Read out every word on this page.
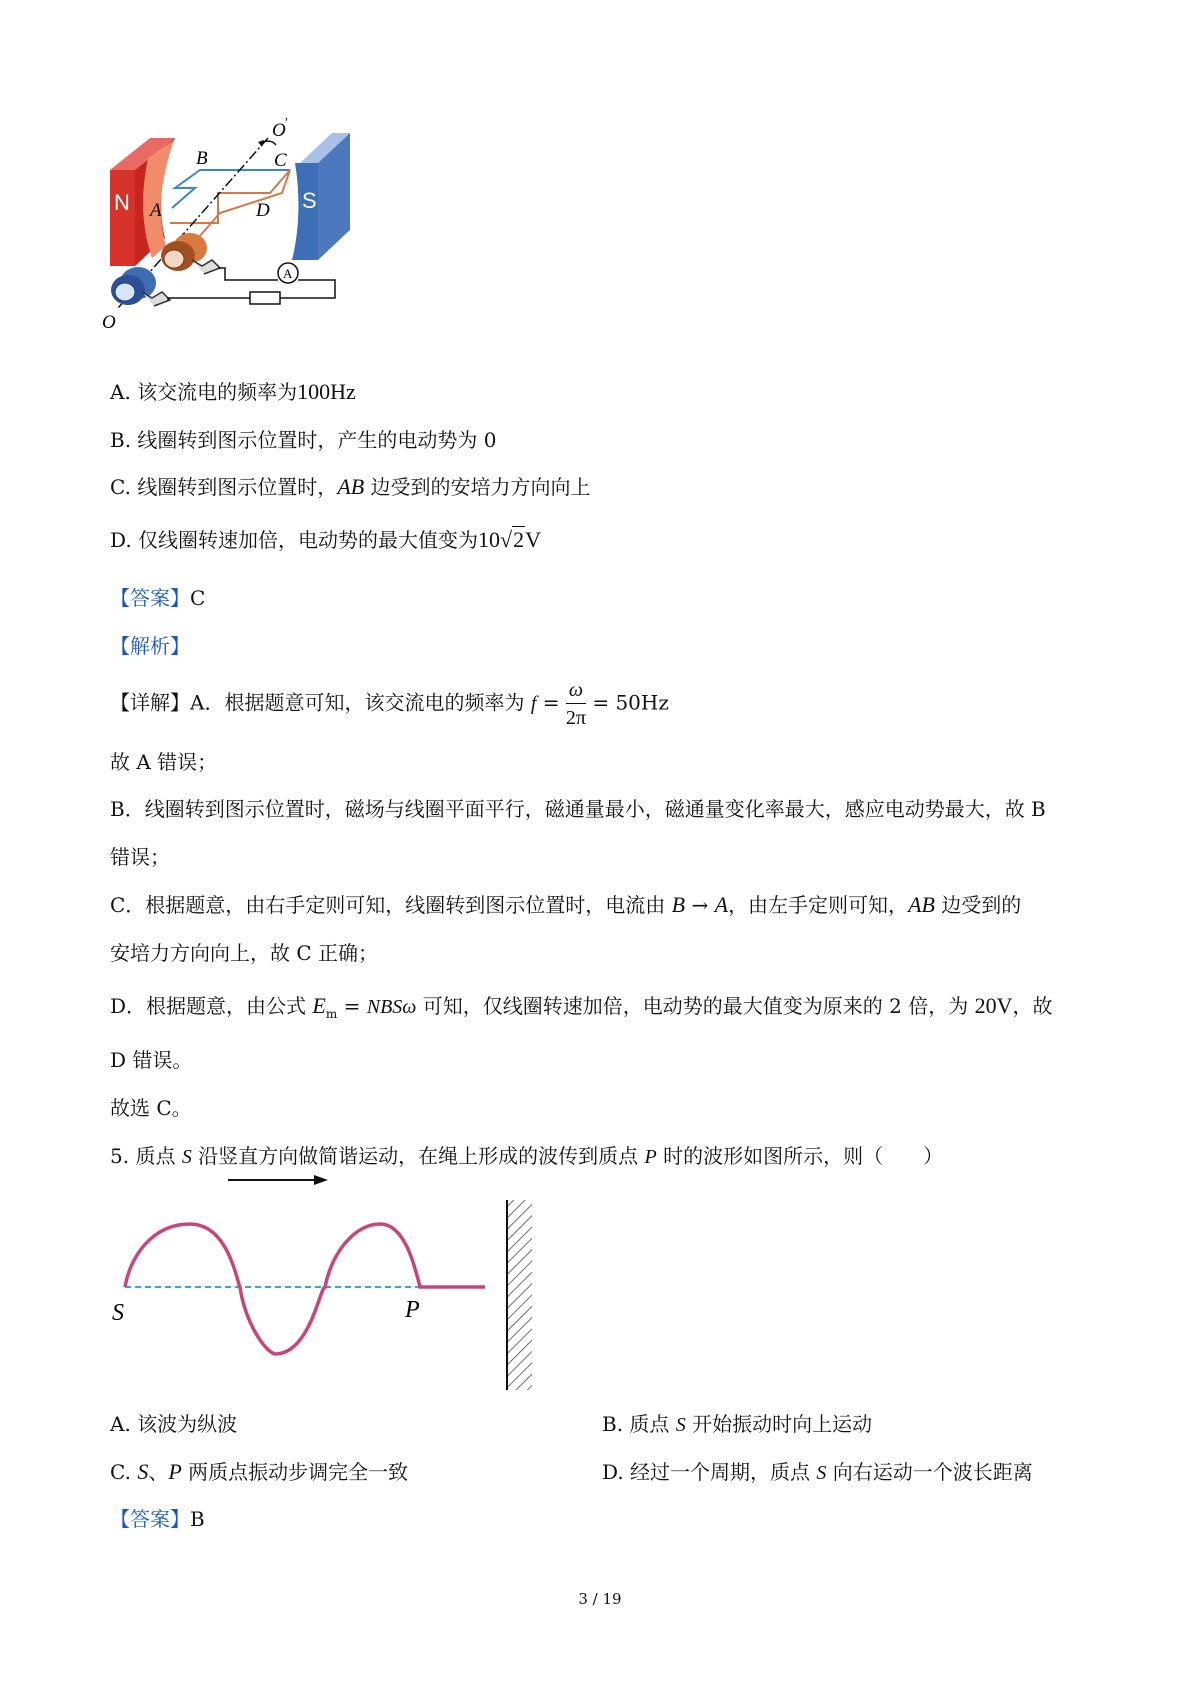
A
N	S
A
B	C
D
O ′
O
A. 该交流电的频率为100Hz
B. 线圈转到图示位置时，产生的电动势为 0
C. 线圈转到图示位置时，AB 边受到的安培力方向向上
D. 仅线圈转速加倍，电动势的最大值变为10√2V
【答案】C
【解析】
【详解】A．根据题意可知，该交流电的频率为 $f = \frac{\omega}{2\pi} = 50Hz$
故 A 错误；
B．线圈转到图示位置时，磁场与线圈平面平行，磁通量最小，磁通量变化率最大，感应电动势最大，故 B
错误；
C．根据题意，由右手定则可知，线圈转到图示位置时，电流由 B → A，由左手定则可知，AB 边受到的
安培力方向向上，故 C 正确；
D．根据题意，由公式 $E_m = NBS\omega$ 可知，仅线圈转速加倍，电动势的最大值变为原来的 2 倍，为 20V，故
D 错误。
故选 C。
5. 质点 S 沿竖直方向做简谐运动，在绳上形成的波传到质点 P 时的波形如图所示，则（　　）
S	P
A. 该波为纵波	B. 质点 S 开始振动时向上运动
C. S、P 两质点振动步调完全一致	D. 经过一个周期，质点 S 向右运动一个波长距离
【答案】B
3 / 19
